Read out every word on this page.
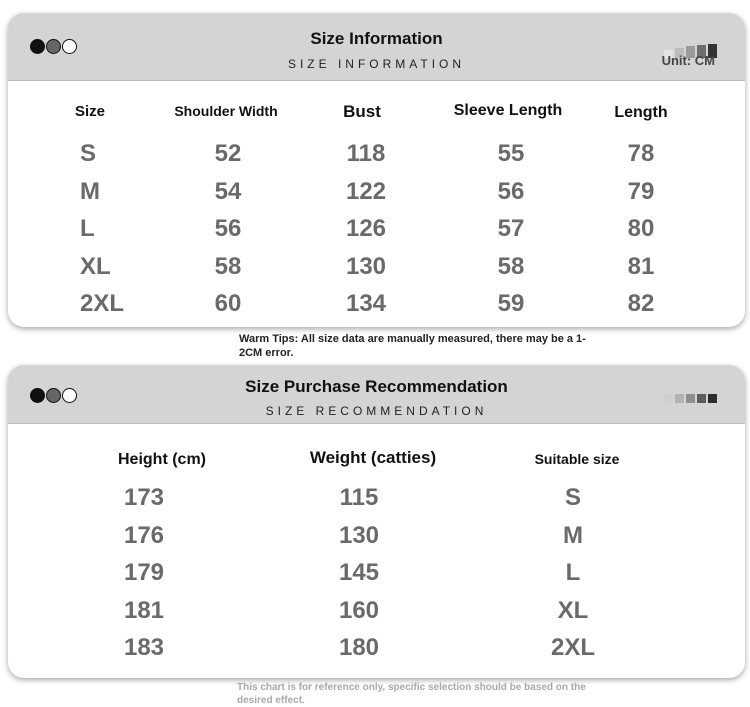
Size Information
SIZE INFORMATION	Unit: CM
Size	Shoulder Width	Bust	Sleeve Length	Length
S	52	118	55	78
M	54	122	56	79
L	56	126	57	80
XL	58	130	58	81
2XL	60	134	59	82
Warm Tips: All size data are manually measured, there may be a 1-2CM error.
Size Purchase Recommendation
SIZE RECOMMENDATION
Height (cm)	Weight (catties)	Suitable size
173	115	S
176	130	M
179	145	L
181	160	XL
183	180	2XL
This chart is for reference only, specific selection should be based on the desired effect.
